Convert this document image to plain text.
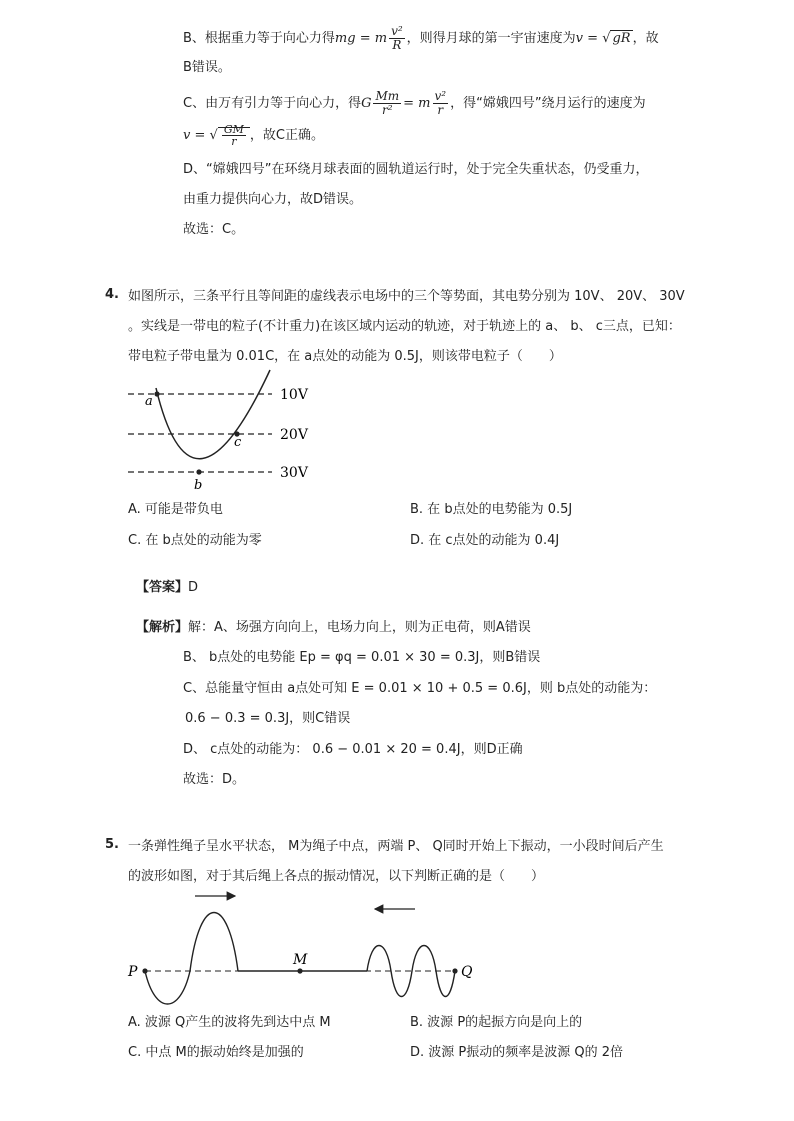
B、根据重力等于向心力得mg = m $\frac{\text{v²}}{R}$ ，则得月球的第一宇宙速度为v = √ gR ，故
B错误。
C、由万有引力等于向心力，得G $\frac{Mm}{\text{r²}} = m \frac{\text{v²}}{r}$ ，得“嫦娥四号”绕月运行的速度为
v = √ $\frac{GM}{r}$ ，故C正确。
D、“嫦娥四号”在环绕月球表面的圆轨道运行时，处于完全失重状态，仍受重力，
由重力提供向心力，故D错误。
故选：C。
4. 如图所示，三条平行且等间距的虚线表示电场中的三个等势面，其电势分别为 10V、 20V、 30V
。实线是一带电的粒子(不计重力)在该区域内运动的轨迹，对于轨迹上的 a、 b、 c三点，已知：
带电粒子带电量为 0.01C，在 a点处的动能为 0.5J，则该带电粒子（　　）
a
b
c
10V
20V
30V
A. 可能是带负电	B. 在 b点处的电势能为 0.5J
C. 在 b点处的动能为零	D. 在 c点处的动能为 0.4J
【答案】D
【解析】解：A、场强方向向上，电场力向上，则为正电荷，则A错误
B、 b点处的电势能 Ep = φq = 0.01 × 30 = 0.3J，则B错误
C、总能量守恒由 a点处可知 E = 0.01 × 10 + 0.5 = 0.6J，则 b点处的动能为：
0.6 − 0.3 = 0.3J，则C错误
D、 c点处的动能为： 0.6 − 0.01 × 20 = 0.4J，则D正确
故选：D。
5. 一条弹性绳子呈水平状态， M为绳子中点，两端 P、 Q同时开始上下振动，一小段时间后产生
的波形如图，对于其后绳上各点的振动情况，以下判断正确的是（　　）
P
M
Q
A. 波源 Q产生的波将先到达中点 M	B. 波源 P的起振方向是向上的
C. 中点 M的振动始终是加强的	D. 波源 P振动的频率是波源 Q的 2倍
